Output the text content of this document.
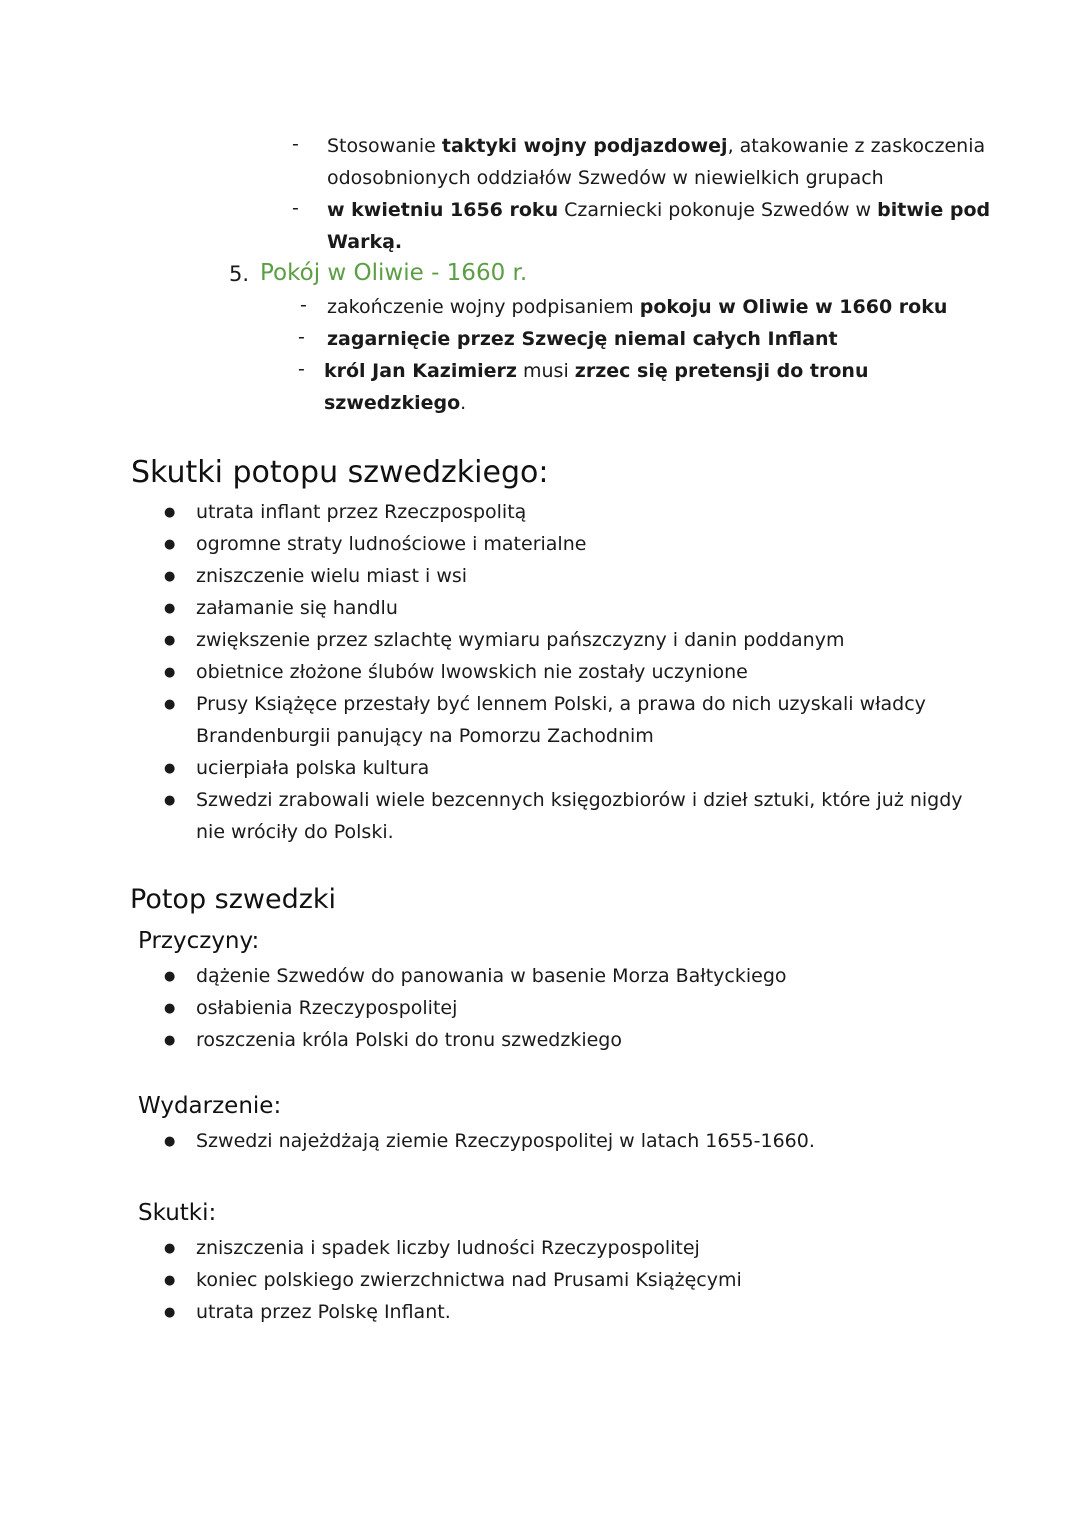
- Stosowanie taktyki wojny podjazdowej, atakowanie z zaskoczenia
odosobnionych oddziałów Szwedów w niewielkich grupach
- w kwietniu 1656 roku Czarniecki pokonuje Szwedów w bitwie pod
Warką.
5. Pokój w Oliwie - 1660 r.
- zakończenie wojny podpisaniem pokoju w Oliwie w 1660 roku
- zagarnięcie przez Szwecję niemal całych Inflant
- król Jan Kazimierz musi zrzec się pretensji do tronu
szwedzkiego.
Skutki potopu szwedzkiego:
● utrata inflant przez Rzeczpospolitą
● ogromne straty ludnościowe i materialne
● zniszczenie wielu miast i wsi
● załamanie się handlu
● zwiększenie przez szlachtę wymiaru pańszczyzny i danin poddanym
● obietnice złożone ślubów lwowskich nie zostały uczynione
● Prusy Książęce przestały być lennem Polski, a prawa do nich uzyskali władcy
Brandenburgii panujący na Pomorzu Zachodnim
● ucierpiała polska kultura
● Szwedzi zrabowali wiele bezcennych księgozbiorów i dzieł sztuki, które już nigdy
nie wróciły do Polski.
Potop szwedzki
Przyczyny:
● dążenie Szwedów do panowania w basenie Morza Bałtyckiego
● osłabienia Rzeczypospolitej
● roszczenia króla Polski do tronu szwedzkiego
Wydarzenie:
● Szwedzi najeżdżają ziemie Rzeczypospolitej w latach 1655-1660.
Skutki:
● zniszczenia i spadek liczby ludności Rzeczypospolitej
● koniec polskiego zwierzchnictwa nad Prusami Książęcymi
● utrata przez Polskę Inflant.
